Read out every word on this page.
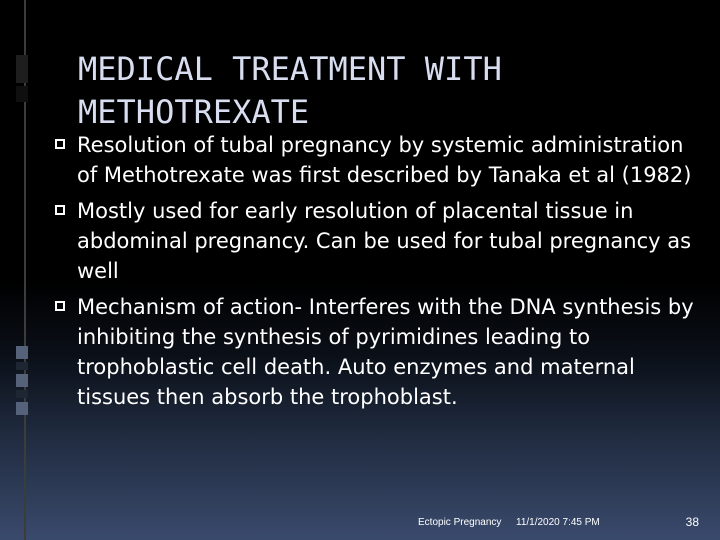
MEDICAL TREATMENT WITH METHOTREXATE
Resolution of tubal pregnancy by systemic administration of Methotrexate was first described by Tanaka et al (1982)
Mostly used for early resolution of placental tissue in abdominal pregnancy. Can be used for tubal pregnancy as well
Mechanism of action- Interferes with the DNA synthesis by inhibiting the synthesis of pyrimidines leading to trophoblastic cell death. Auto enzymes and maternal tissues then absorb the trophoblast.
Ectopic Pregnancy 11/1/2020 7:45 PM	38
